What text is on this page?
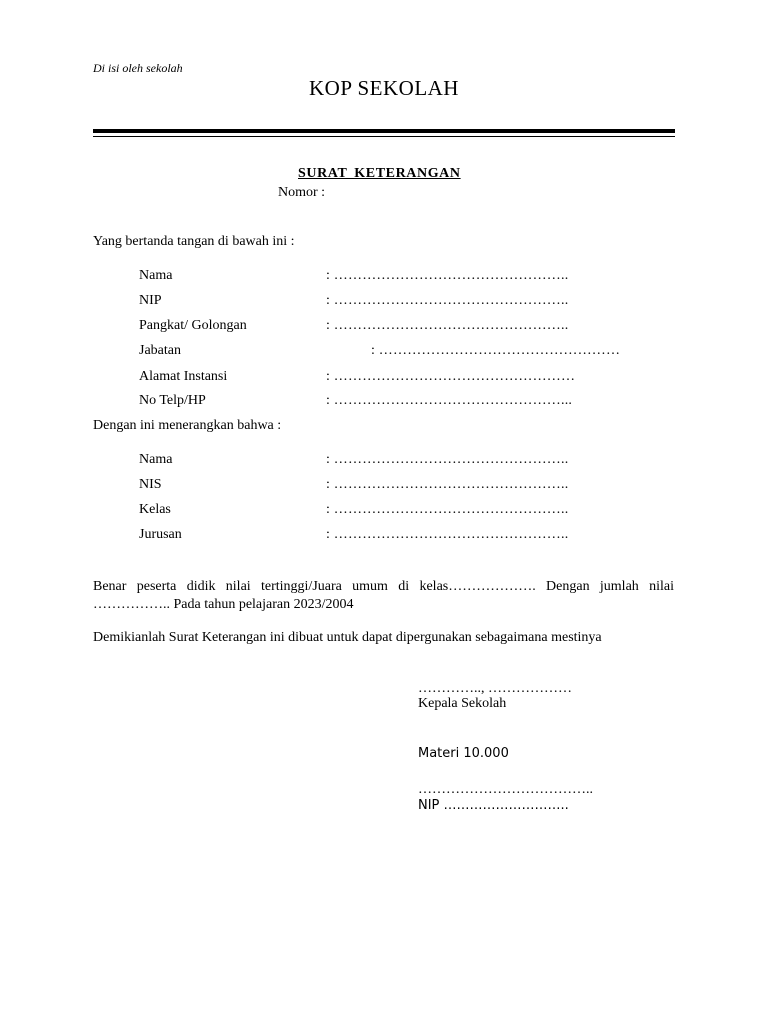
Di isi oleh sekolah
KOP SEKOLAH
SURAT KETERANGAN
Nomor :
Yang bertanda tangan di bawah ini :
Nama	: …………………………………………..
NIP	: …………………………………………..
Pangkat/ Golongan	: …………………………………………..
Jabatan	: ……………………………………………
Alamat Instansi	: ……………………………………………
No Telp/HP	: …………………………………………...
Dengan ini menerangkan bahwa :
Nama	: …………………………………………..
NIS	: …………………………………………..
Kelas	: …………………………………………..
Jurusan	: …………………………………………..
Benar peserta didik nilai tertinggi/Juara umum di kelas………………. Dengan jumlah nilai
…………….. Pada tahun pelajaran 2023/2004
Demikianlah Surat Keterangan ini dibuat untuk dapat dipergunakan sebagaimana mestinya
………….., ………………
Kepala Sekolah
Materi 10.000
………………………………..
NIP ………………………..
